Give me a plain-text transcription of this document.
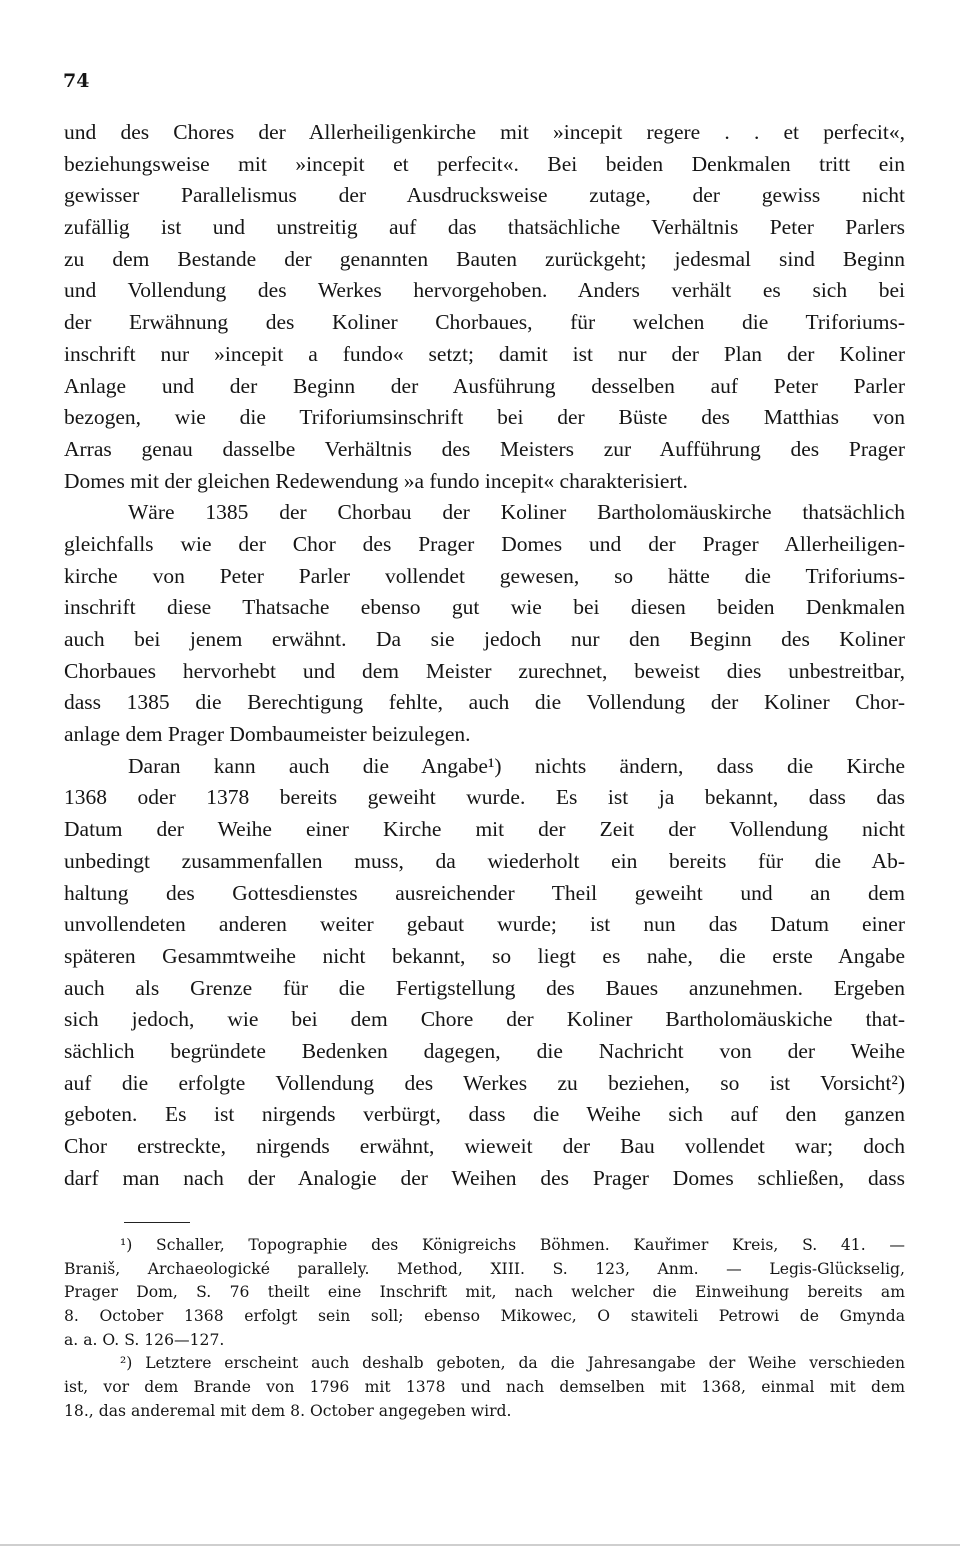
74
und des Chores der Allerheiligenkirche mit »incepit regere . . et perfecit«,
beziehungsweise mit »incepit et perfecit«. Bei beiden Denkmalen tritt ein
gewisser Parallelismus der Ausdrucksweise zutage, der gewiss nicht
zufällig ist und unstreitig auf das thatsächliche Verhältnis Peter Parlers
zu dem Bestande der genannten Bauten zurückgeht; jedesmal sind Beginn
und Vollendung des Werkes hervorgehoben. Anders verhält es sich bei
der Erwähnung des Koliner Chorbaues, für welchen die Triforiums-
inschrift nur »incepit a fundo« setzt; damit ist nur der Plan der Koliner
Anlage und der Beginn der Ausführung desselben auf Peter Parler
bezogen, wie die Triforiumsinschrift bei der Büste des Matthias von
Arras genau dasselbe Verhältnis des Meisters zur Aufführung des Prager
Domes mit der gleichen Redewendung »a fundo incepit« charakterisiert.
Wäre 1385 der Chorbau der Koliner Bartholomäuskirche thatsächlich
gleichfalls wie der Chor des Prager Domes und der Prager Allerheiligen-
kirche von Peter Parler vollendet gewesen, so hätte die Triforiums-
inschrift diese Thatsache ebenso gut wie bei diesen beiden Denkmalen
auch bei jenem erwähnt. Da sie jedoch nur den Beginn des Koliner
Chorbaues hervorhebt und dem Meister zurechnet, beweist dies unbestreitbar,
dass 1385 die Berechtigung fehlte, auch die Vollendung der Koliner Chor-
anlage dem Prager Dombaumeister beizulegen.
Daran kann auch die Angabe¹) nichts ändern, dass die Kirche
1368 oder 1378 bereits geweiht wurde. Es ist ja bekannt, dass das
Datum der Weihe einer Kirche mit der Zeit der Vollendung nicht
unbedingt zusammenfallen muss, da wiederholt ein bereits für die Ab-
haltung des Gottesdienstes ausreichender Theil geweiht und an dem
unvollendeten anderen weiter gebaut wurde; ist nun das Datum einer
späteren Gesammtweihe nicht bekannt, so liegt es nahe, die erste Angabe
auch als Grenze für die Fertigstellung des Baues anzunehmen. Ergeben
sich jedoch, wie bei dem Chore der Koliner Bartholomäuskiche that-
sächlich begründete Bedenken dagegen, die Nachricht von der Weihe
auf die erfolgte Vollendung des Werkes zu beziehen, so ist Vorsicht²)
geboten. Es ist nirgends verbürgt, dass die Weihe sich auf den ganzen
Chor erstreckte, nirgends erwähnt, wieweit der Bau vollendet war; doch
darf man nach der Analogie der Weihen des Prager Domes schließen, dass
¹) Schaller, Topographie des Königreichs Böhmen. Kauřimer Kreis, S. 41. —
Braniš, Archaeologické parallely. Method, XIII. S. 123, Anm. — Legis-Glückselig,
Prager Dom, S. 76 theilt eine Inschrift mit, nach welcher die Einweihung bereits am
8. October 1368 erfolgt sein soll; ebenso Mikowec, O stawiteli Petrowi de Gmynda
a. a. O. S. 126—127.
²) Letztere erscheint auch deshalb geboten, da die Jahresangabe der Weihe verschieden
ist, vor dem Brande von 1796 mit 1378 und nach demselben mit 1368, einmal mit dem
18., das anderemal mit dem 8. October angegeben wird.
